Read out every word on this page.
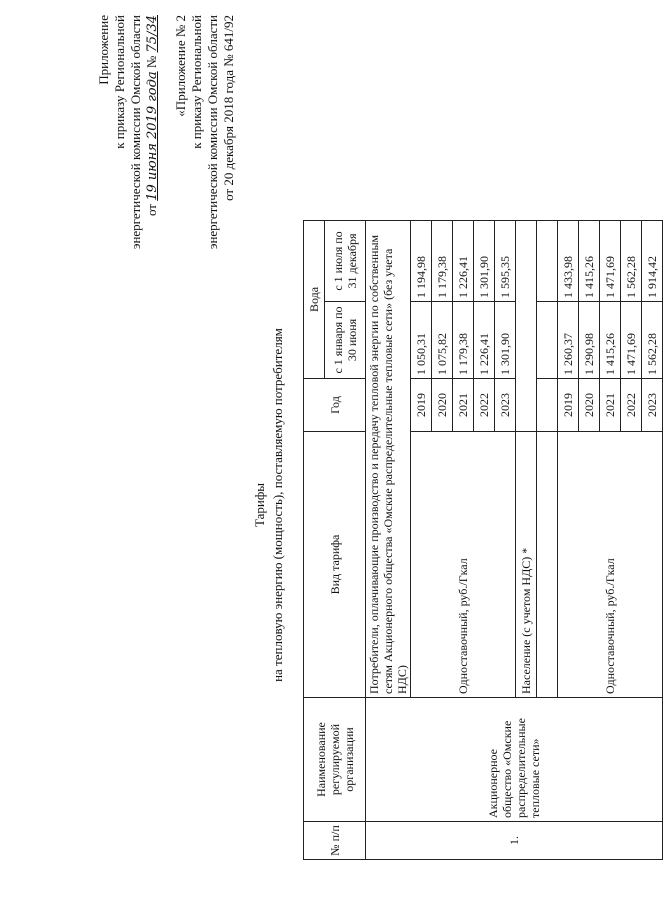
Приложение к приказу Региональной энергетической комиссии Омской области от 19 июня 2019 года № 75/34 «Приложение № 2 к приказу Региональной энергетической комиссии Омской области от 20 декабря 2018 года № 641/92
Тарифы на тепловую энергию (мощность), поставляемую потребителям
№ п/п	Наименование регулируемой организации	Вид тарифа	Год	Вода	
				с 1 января по 30 июня	с 1 июля по 31 декабря
1.	Акционерное общество «Омские распределительные тепловые сети»	Потребители, оплачивающие производство и передачу тепловой энергии по собственным сетям Акционерного общества «Омские распределительные тепловые сети» (без учета НДС)			
		Одноставочный, руб./Гкал	2019	1 050,31	1 194,98
			2020	1 075,82	1 179,38
			2021	1 179,38	1 226,41
			2022	1 226,41	1 301,90
			2023	1 301,90	1 595,35
		Население (с учетом НДС) *			

		Одноставочный, руб./Гкал	2019	1 260,37	1 433,98
			2020	1 290,98	1 415,26
			2021	1 415,26	1 471,69
			2022	1 471,69	1 562,28
			2023	1 562,28	1 914,42
